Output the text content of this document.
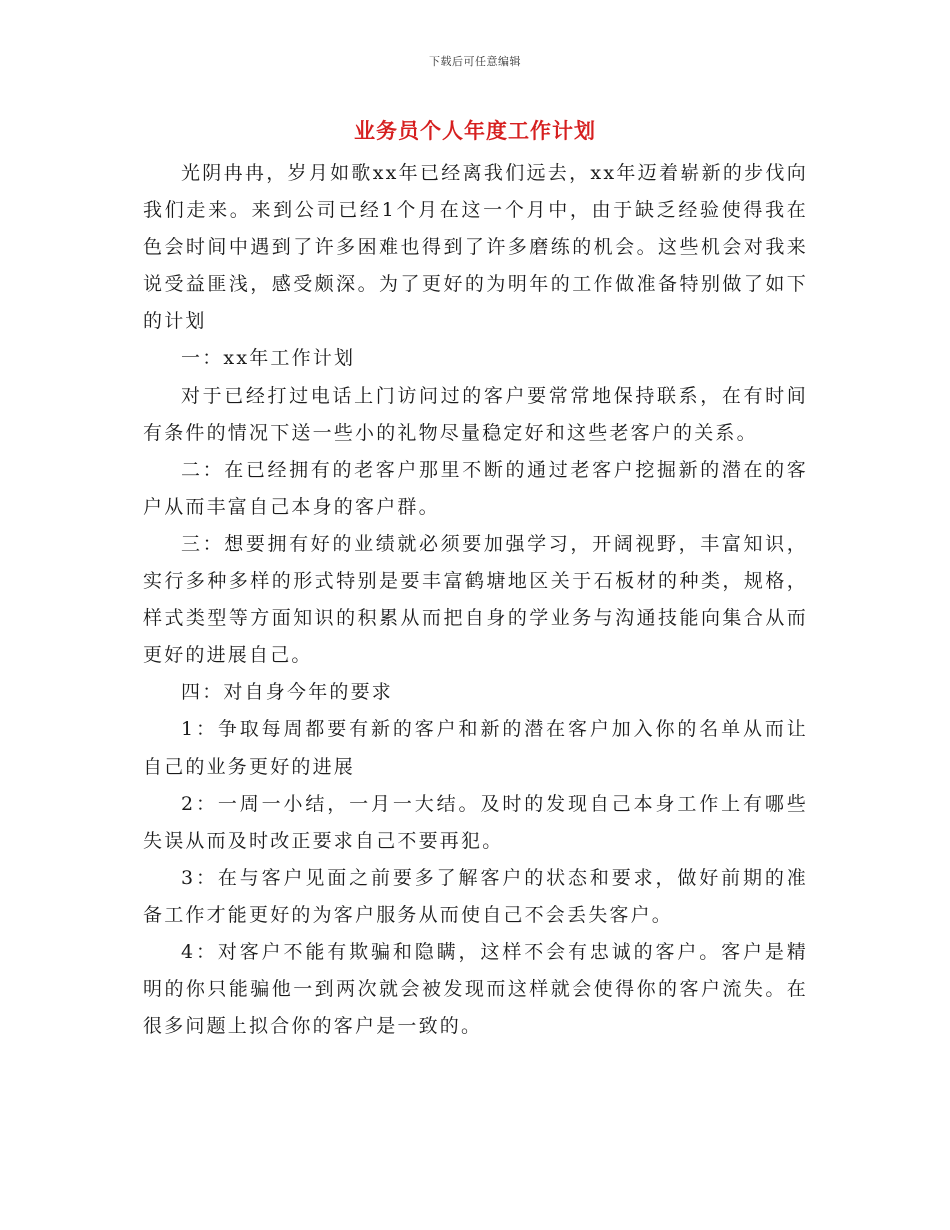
下载后可任意编辑
业务员个人年度工作计划

光阴冉冉，岁月如歌xx年已经离我们远去，xx年迈着崭新的步伐向我们走来。来到公司已经1个月在这一个月中，由于缺乏经验使得我在色会时间中遇到了许多困难也得到了许多磨练的机会。这些机会对我来说受益匪浅，感受颇深。为了更好的为明年的工作做准备特别做了如下的计划

一：xx年工作计划

对于已经打过电话上门访问过的客户要常常地保持联系，在有时间有条件的情况下送一些小的礼物尽量稳定好和这些老客户的关系。

二：在已经拥有的老客户那里不断的通过老客户挖掘新的潜在的客户从而丰富自己本身的客户群。

三：想要拥有好的业绩就必须要加强学习，开阔视野，丰富知识，实行多种多样的形式特别是要丰富鹤塘地区关于石板材的种类，规格，样式类型等方面知识的积累从而把自身的学业务与沟通技能向集合从而更好的进展自己。

四：对自身今年的要求

1：争取每周都要有新的客户和新的潜在客户加入你的名单从而让自己的业务更好的进展

2：一周一小结，一月一大结。及时的发现自己本身工作上有哪些失误从而及时改正要求自己不要再犯。

3：在与客户见面之前要多了解客户的状态和要求，做好前期的准备工作才能更好的为客户服务从而使自己不会丢失客户。

4：对客户不能有欺骗和隐瞒，这样不会有忠诚的客户。客户是精明的你只能骗他一到两次就会被发现而这样就会使得你的客户流失。在很多问题上拟合你的客户是一致的。
